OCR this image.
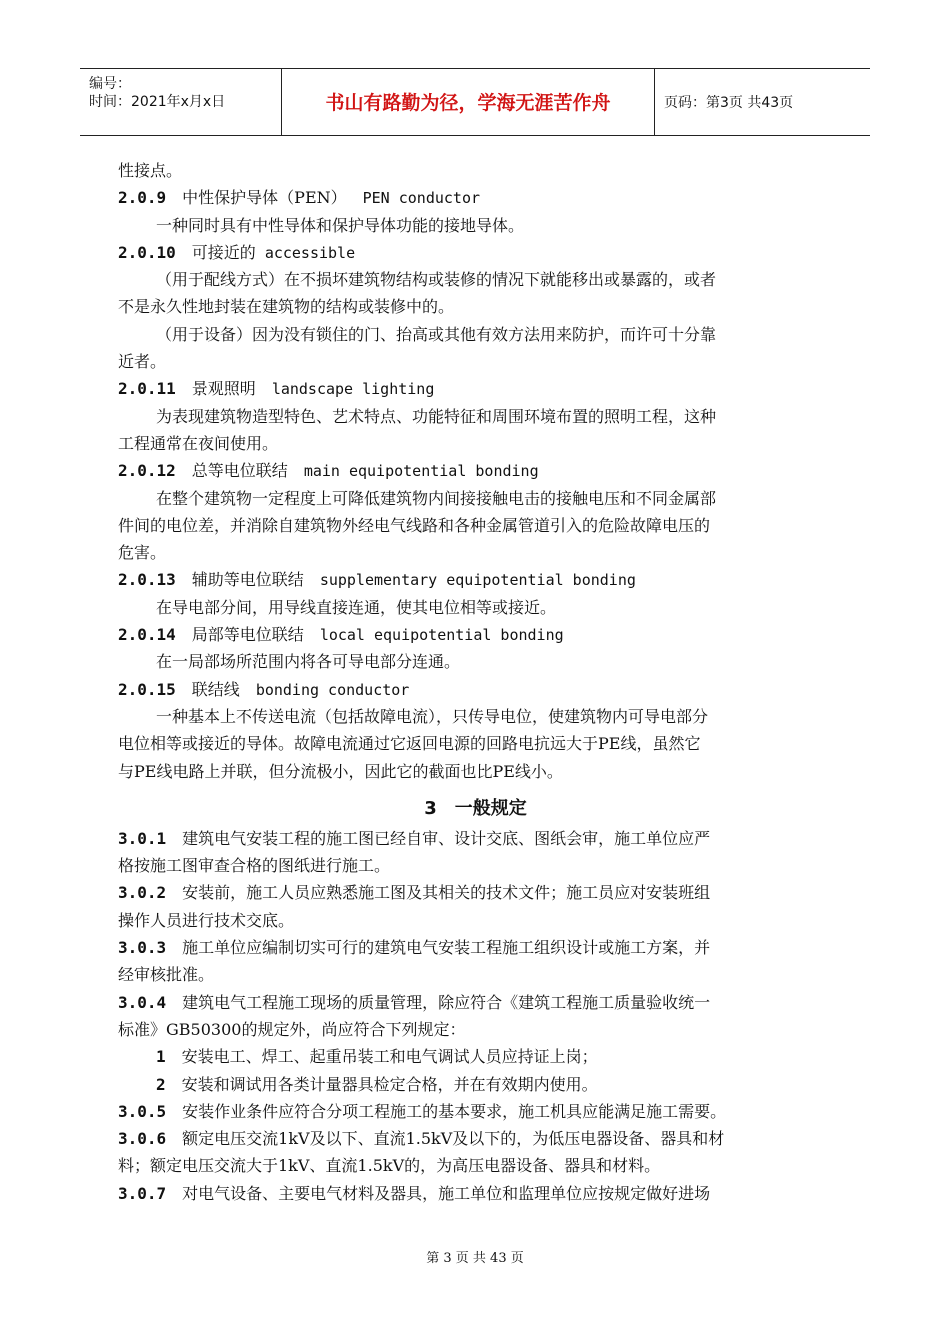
编号：
时间：2021年x月x日	书山有路勤为径，学海无涯苦作舟	页码：第3页 共43页
性接点。
2.0.9 中性保护导体（PEN） PEN conductor
一种同时具有中性导体和保护导体功能的接地导体。
2.0.10 可接近的 accessible
（用于配线方式）在不损坏建筑物结构或装修的情况下就能移出或暴露的，或者
不是永久性地封装在建筑物的结构或装修中的。
（用于设备）因为没有锁住的门、抬高或其他有效方法用来防护，而许可十分靠
近者。
2.0.11 景观照明 landscape lighting
为表现建筑物造型特色、艺术特点、功能特征和周围环境布置的照明工程，这种
工程通常在夜间使用。
2.0.12 总等电位联结 main equipotential bonding
在整个建筑物一定程度上可降低建筑物内间接接触电击的接触电压和不同金属部
件间的电位差，并消除自建筑物外经电气线路和各种金属管道引入的危险故障电压的
危害。
2.0.13 辅助等电位联结 supplementary equipotential bonding
在导电部分间，用导线直接连通，使其电位相等或接近。
2.0.14 局部等电位联结 local equipotential bonding
在一局部场所范围内将各可导电部分连通。
2.0.15 联结线 bonding conductor
一种基本上不传送电流（包括故障电流），只传导电位，使建筑物内可导电部分
电位相等或接近的导体。故障电流通过它返回电源的回路电抗远大于PE线，虽然它
与PE线电路上并联，但分流极小，因此它的截面也比PE线小。
3　一般规定
3.0.1 建筑电气安装工程的施工图已经自审、设计交底、图纸会审，施工单位应严
格按施工图审查合格的图纸进行施工。
3.0.2 安装前，施工人员应熟悉施工图及其相关的技术文件；施工员应对安装班组
操作人员进行技术交底。
3.0.3 施工单位应编制切实可行的建筑电气安装工程施工组织设计或施工方案，并
经审核批准。
3.0.4 建筑电气工程施工现场的质量管理，除应符合《建筑工程施工质量验收统一
标准》GB50300的规定外，尚应符合下列规定：
1 安装电工、焊工、起重吊装工和电气调试人员应持证上岗；
2 安装和调试用各类计量器具检定合格，并在有效期内使用。
3.0.5 安装作业条件应符合分项工程施工的基本要求，施工机具应能满足施工需要。
3.0.6 额定电压交流1kV及以下、直流1.5kV及以下的，为低压电器设备、器具和材
料；额定电压交流大于1kV、直流1.5kV的，为高压电器设备、器具和材料。
3.0.7 对电气设备、主要电气材料及器具，施工单位和监理单位应按规定做好进场
第 3 页 共 43 页
